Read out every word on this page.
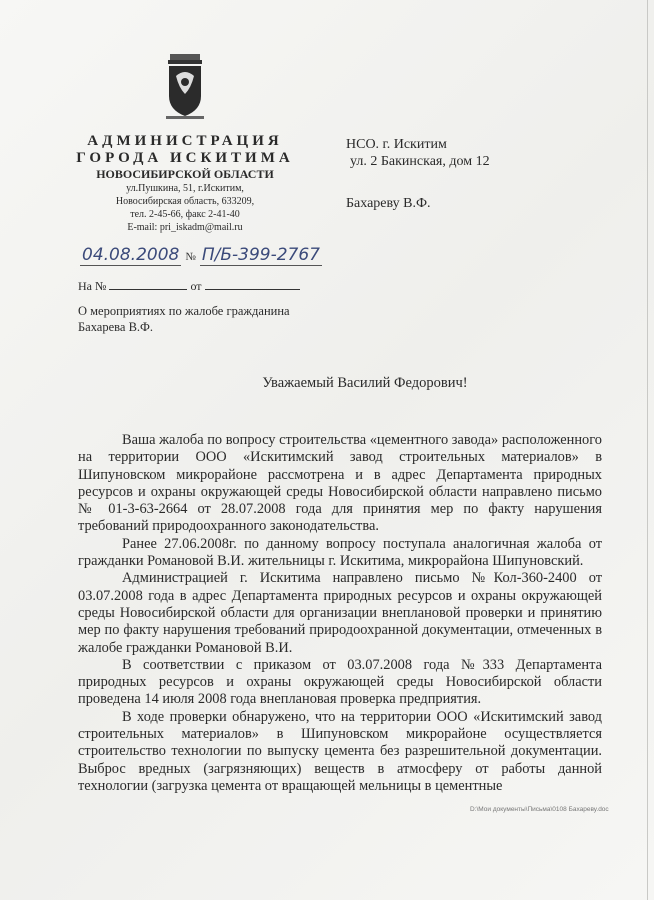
АДМИНИСТРАЦИЯ
ГОРОДА ИСКИТИМА
НОВОСИБИРСКОЙ ОБЛАСТИ
ул.Пушкина, 51, г.Искитим,
Новосибирская область, 633209,
тел. 2-45-66, факс 2-41-40
E-mail: pri_iskadm@mail.ru
НСО. г. Искитим
ул. 2 Бакинская, дом 12
Бахареву В.Ф.
04.08.2008 № П/Б-399-2767
На №	от
О мероприятиях по жалобе гражданина
Бахарева В.Ф.
Уважаемый Василий Федорович!

Ваша жалоба по вопросу строительства «цементного завода» расположенного на территории ООО «Искитимский завод строительных материалов» в Шипуновском микрорайоне рассмотрена и в адрес Департамента природных ресурсов и охраны окружающей среды Новосибирской области направлено письмо № 01-3-63-2664 от 28.07.2008 года для принятия мер по факту нарушения требований природоохранного законодательства.

Ранее 27.06.2008г. по данному вопросу поступала аналогичная жалоба от гражданки Романовой В.И. жительницы г. Искитима, микрорайона Шипуновский.

Администрацией г. Искитима направлено письмо №Кол-360-2400 от 03.07.2008 года в адрес Департамента природных ресурсов и охраны окружающей среды Новосибирской области для организации внеплановой проверки и принятию мер по факту нарушения требований природоохранной документации, отмеченных в жалобе гражданки Романовой В.И.

В соответствии с приказом от 03.07.2008 года №333 Департамента природных ресурсов и охраны окружающей среды Новосибирской области проведена 14 июля 2008 года внеплановая проверка предприятия.

В ходе проверки обнаружено, что на территории ООО «Искитимский завод строительных материалов» в Шипуновском микрорайоне осуществляется строительство технологии по выпуску цемента без разрешительной документации. Выброс вредных (загрязняющих) веществ в атмосферу от работы данной технологии (загрузка цемента от вращающей мельницы в цементные

D:\Мои документы\Письма\0108 Бахареву.doc
